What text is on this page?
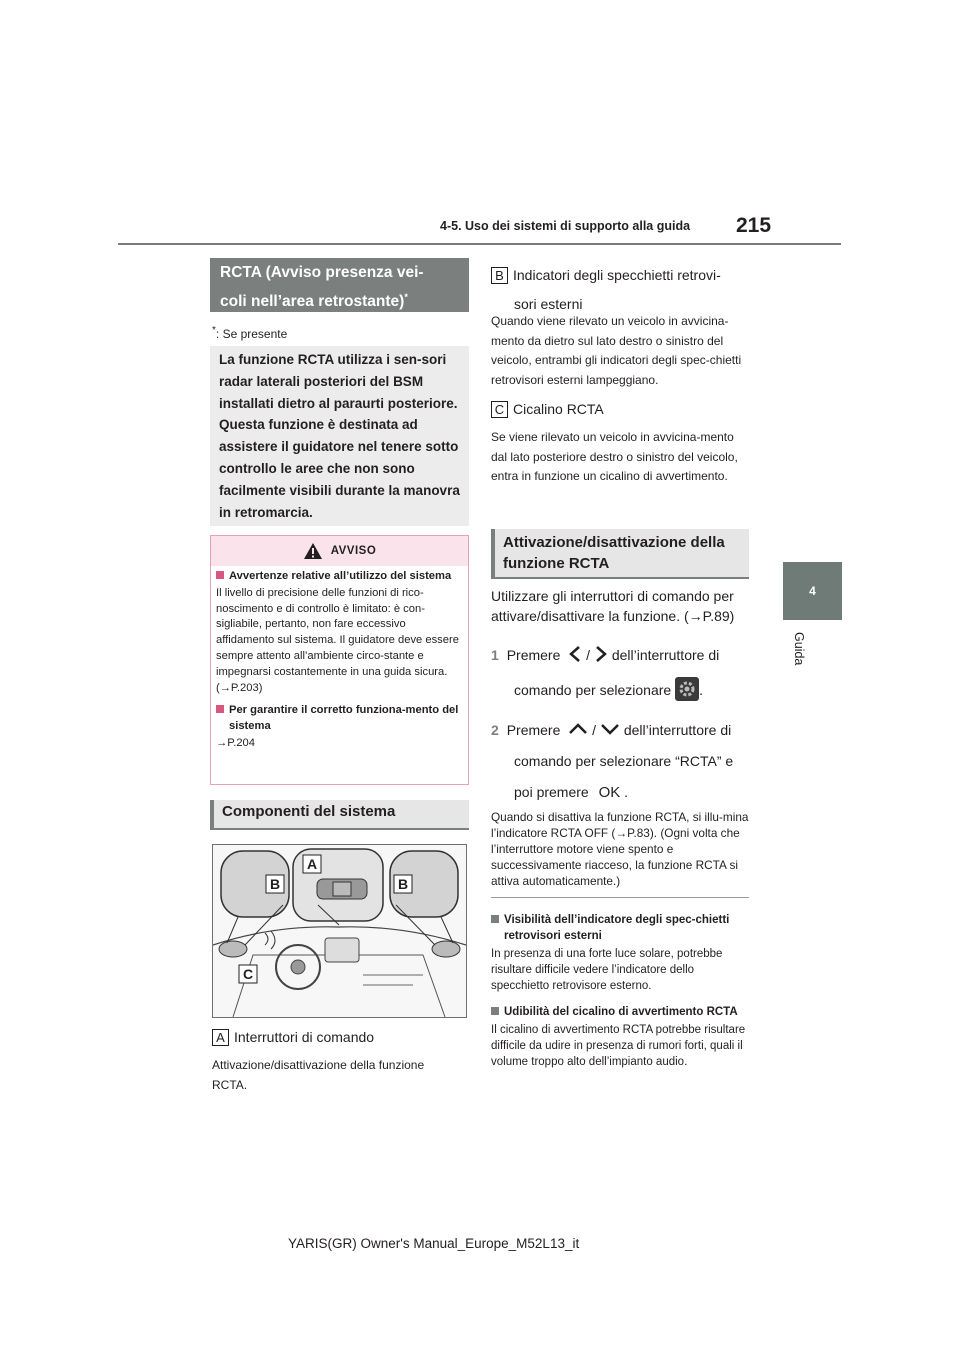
4-5. Uso dei sistemi di supporto alla guida 215
4
Guida
RCTA (Avviso presenza vei-
coli nell’area retrostante)*
*: Se presente
La funzione RCTA utilizza i sen-sori radar laterali posteriori del BSM installati dietro al paraurti posteriore. Questa funzione è destinata ad assistere il guidatore nel tenere sotto controllo le aree che non sono facilmente visibili durante la manovra in retromarcia.
AVVISO
Avvertenze relative all’utilizzo del sistema
Il livello di precisione delle funzioni di rico-noscimento e di controllo è limitato: è con-sigliabile, pertanto, non fare eccessivo affidamento sul sistema. Il guidatore deve essere sempre attento all’ambiente circo-stante e impegnarsi costantemente in una guida sicura. (→P.203)
Per garantire il corretto funziona-mento del sistema
→P.204
Componenti del sistema
A
B	B
C
A Interruttori di comando
Attivazione/disattivazione della funzione RCTA.
B Indicatori degli specchietti retrovi-
sori esterni
Quando viene rilevato un veicolo in avvicina-mento da dietro sul lato destro o sinistro del veicolo, entrambi gli indicatori degli spec-chietti retrovisori esterni lampeggiano.
C Cicalino RCTA
Se viene rilevato un veicolo in avvicina-mento dal lato posteriore destro o sinistro del veicolo, entra in funzione un cicalino di avvertimento.
Attivazione/disattivazione della funzione RCTA
Utilizzare gli interruttori di comando per attivare/disattivare la funzione. (→P.89)
1 Premere / dell’interruttore di
comando per selezionare .
2 Premere / dell’interruttore di
comando per selezionare “RCTA” e
poi premere OK .
Quando si disattiva la funzione RCTA, si illu-mina l’indicatore RCTA OFF (→P.83). (Ogni volta che l’interruttore motore viene spento e successivamente riacceso, la funzione RCTA si attiva automaticamente.)
Visibilità dell’indicatore degli spec-chietti retrovisori esterni
In presenza di una forte luce solare, potrebbe risultare difficile vedere l’indicatore dello specchietto retrovisore esterno.
Udibilità del cicalino di avvertimento RCTA
Il cicalino di avvertimento RCTA potrebbe risultare difficile da udire in presenza di rumori forti, quali il volume troppo alto dell’impianto audio.
YARIS(GR) Owner's Manual_Europe_M52L13_it
